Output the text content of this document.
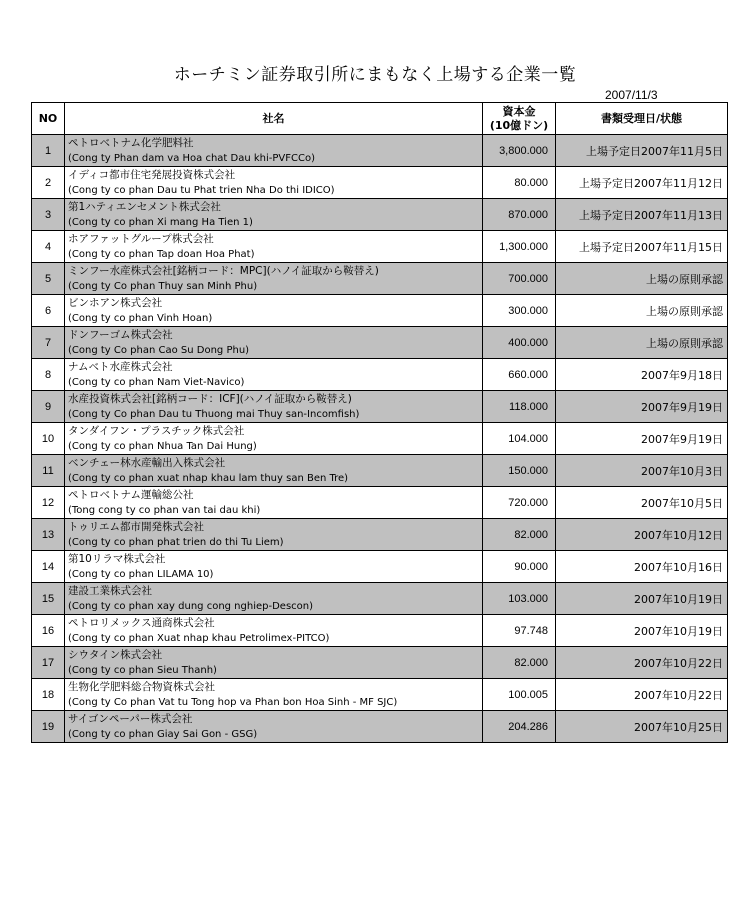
ホーチミン証券取引所にまもなく上場する企業一覧
2007/11/3
NO	社名	資本金
(10億ドン)	書類受理日/状態
1	ペトロベトナム化学肥料社
(Cong ty Phan dam va Hoa chat Dau khi-PVFCCo)	3,800.000	上場予定日2007年11月5日
2	イディコ都市住宅発展投資株式会社
(Cong ty co phan Dau tu Phat trien Nha Do thi IDICO)	80.000	上場予定日2007年11月12日
3	第1ハティエンセメント株式会社
(Cong ty co phan Xi mang Ha Tien 1)	870.000	上場予定日2007年11月13日
4	ホアファットグループ株式会社
(Cong ty co phan Tap doan Hoa Phat)	1,300.000	上場予定日2007年11月15日
5	ミンフー水産株式会社[銘柄コード：MPC](ハノイ証取から鞍替え)
(Cong ty Co phan Thuy san Minh Phu)	700.000	上場の原則承認
6	ビンホアン株式会社
(Cong ty co phan Vinh Hoan)	300.000	上場の原則承認
7	ドンフーゴム株式会社
(Cong ty Co phan Cao Su Dong Phu)	400.000	上場の原則承認
8	ナムベト水産株式会社
(Cong ty co phan Nam Viet-Navico)	660.000	2007年9月18日
9	水産投資株式会社[銘柄コード：ICF](ハノイ証取から鞍替え)
(Cong ty Co phan Dau tu Thuong mai Thuy san-Incomfish)	118.000	2007年9月19日
10	タンダイフン・プラスチック株式会社
(Cong ty co phan Nhua Tan Dai Hung)	104.000	2007年9月19日
11	ベンチェー林水産輸出入株式会社
(Cong ty co phan xuat nhap khau lam thuy san Ben Tre)	150.000	2007年10月3日
12	ペトロベトナム運輸総公社
(Tong cong ty co phan van tai dau khi)	720.000	2007年10月5日
13	トゥリエム都市開発株式会社
(Cong ty co phan phat trien do thi Tu Liem)	82.000	2007年10月12日
14	第10リラマ株式会社
(Cong ty co phan LILAMA 10)	90.000	2007年10月16日
15	建設工業株式会社
(Cong ty co phan xay dung cong nghiep-Descon)	103.000	2007年10月19日
16	ペトロリメックス通商株式会社
(Cong ty co phan Xuat nhap khau Petrolimex-PITCO)	97.748	2007年10月19日
17	シウタイン株式会社
(Cong ty co phan Sieu Thanh)	82.000	2007年10月22日
18	生物化学肥料総合物資株式会社
(Cong ty Co phan Vat tu Tong hop va Phan bon Hoa Sinh - MF SJC)	100.005	2007年10月22日
19	サイゴンペーパー株式会社
(Cong ty co phan Giay Sai Gon - GSG)	204.286	2007年10月25日
